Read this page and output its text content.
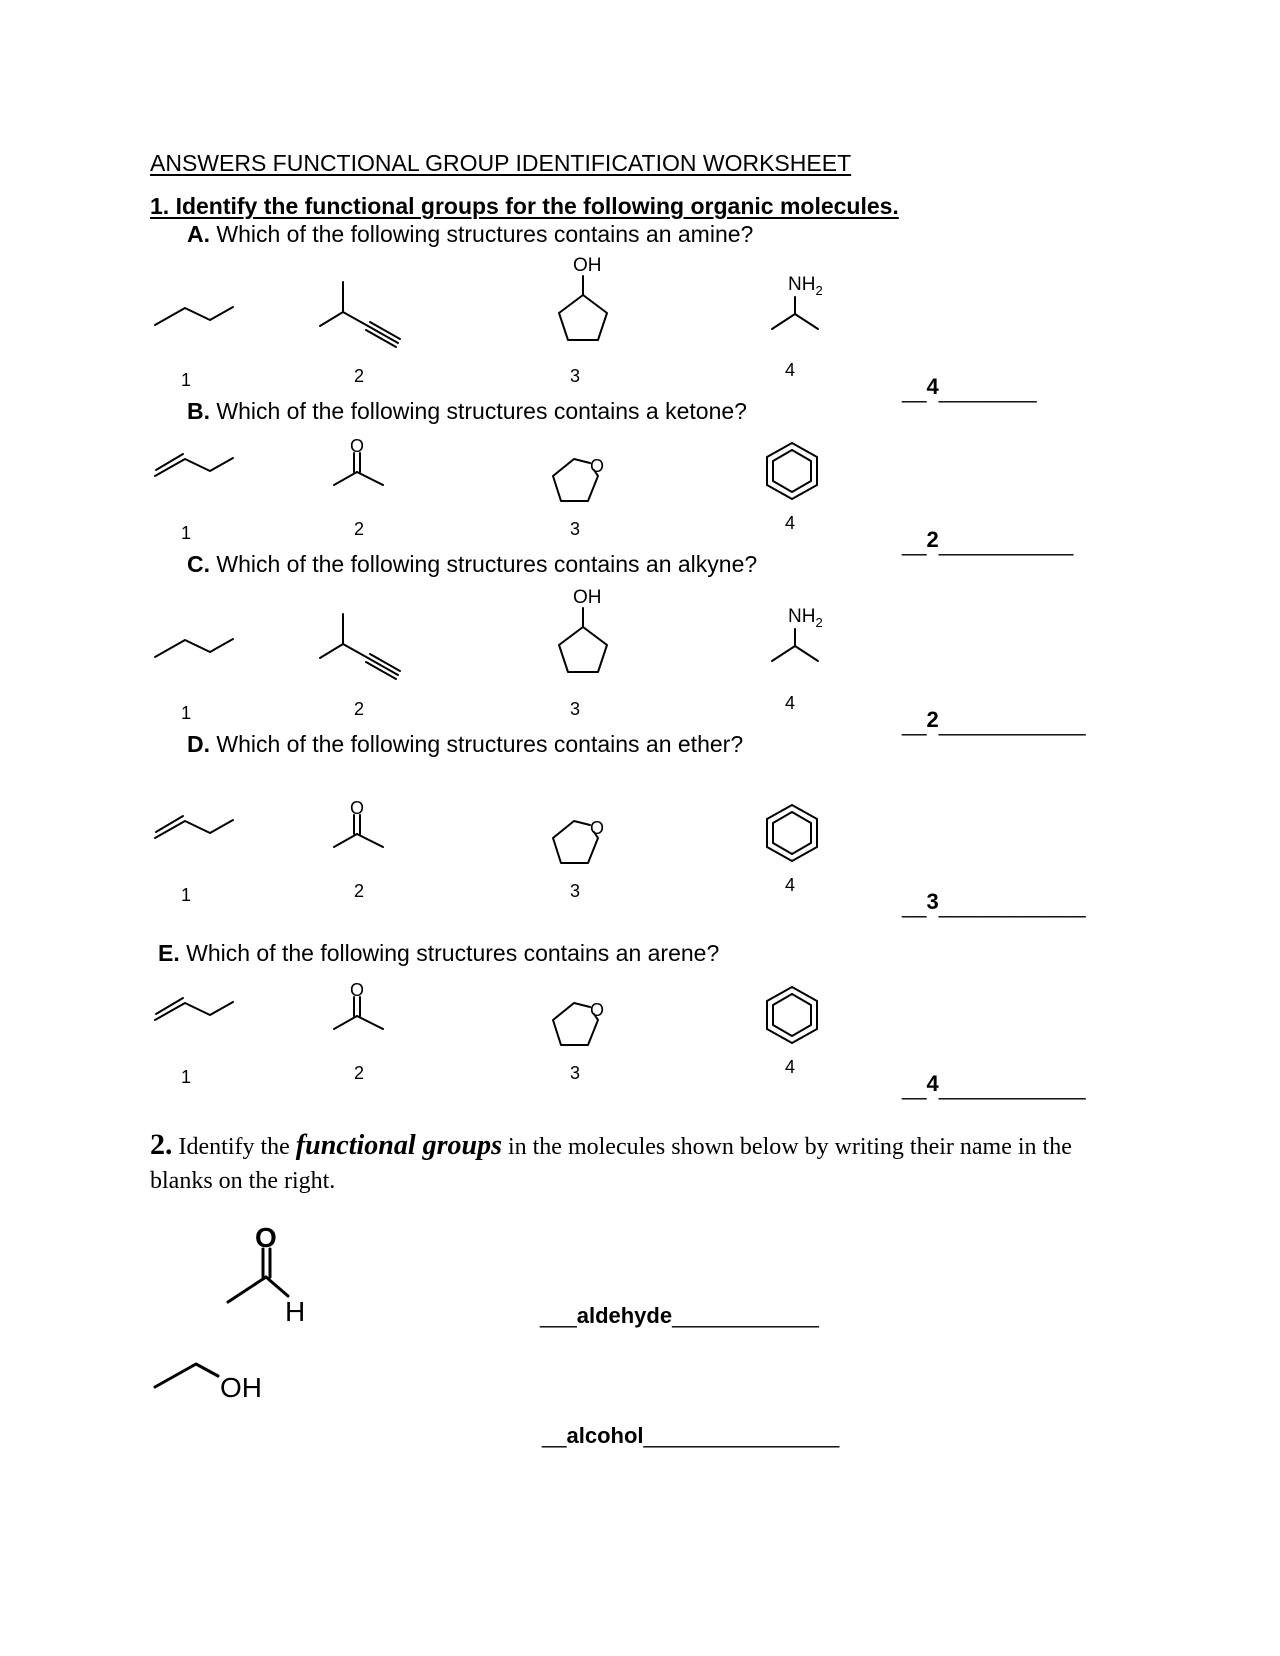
ANSWERS FUNCTIONAL GROUP IDENTIFICATION WORKSHEET
1. Identify the functional groups for the following organic molecules.
A. Which of the following structures contains an amine?
B. Which of the following structures contains a ketone?
C. Which of the following structures contains an alkyne?
D. Which of the following structures contains an ether?
E. Which of the following structures contains an arene?
1	2	3	4
1	2	3	4
1	2	3	4
1	2	3	4
1	2	3	4
__4________
__2___________
__2____________
__3____________
__4____________
2. Identify the functional groups in the molecules shown below by writing their name in the blanks on the right.
___aldehyde____________
__alcohol________________
OH
$NH_2$
O
O
OH
$NH_2$
O
O
O
O
O
H
OH
